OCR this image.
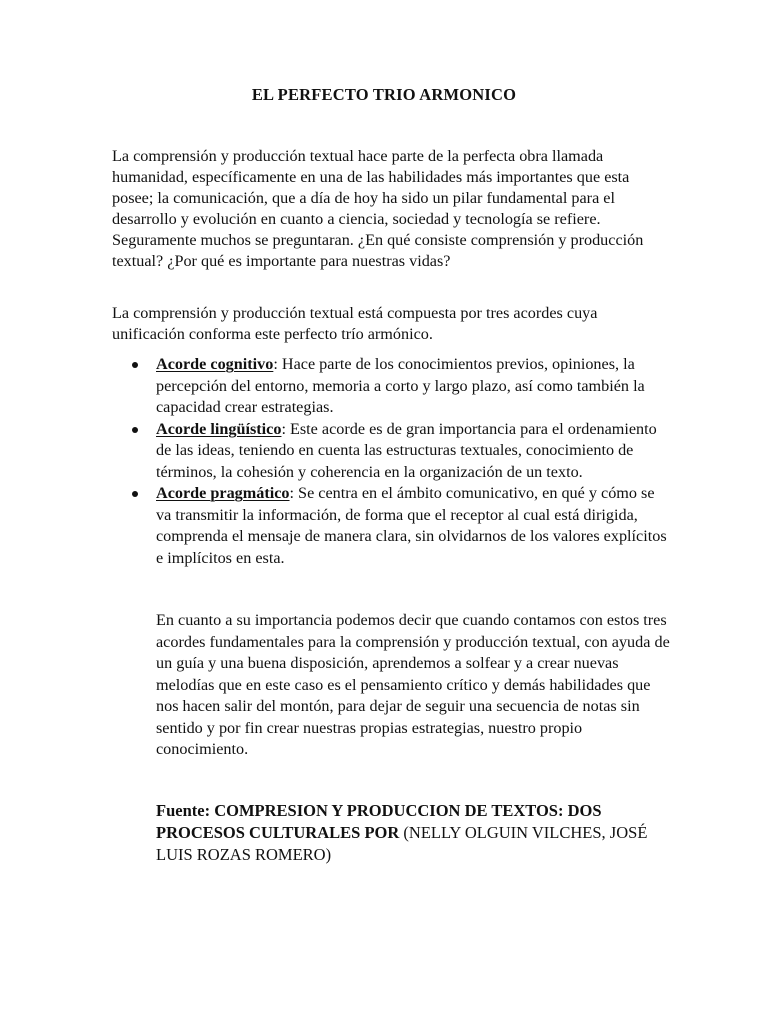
EL PERFECTO TRIO ARMONICO

La comprensión y producción textual hace parte de la perfecta obra llamada humanidad, específicamente en una de las habilidades más importantes que esta posee; la comunicación, que a día de hoy ha sido un pilar fundamental para el desarrollo y evolución en cuanto a ciencia, sociedad y tecnología se refiere. Seguramente muchos se preguntaran. ¿En qué consiste comprensión y producción textual? ¿Por qué es importante para nuestras vidas?

La comprensión y producción textual está compuesta por tres acordes cuya unificación conforma este perfecto trío armónico.

Acorde cognitivo: Hace parte de los conocimientos previos, opiniones, la percepción del entorno, memoria a corto y largo plazo, así como también la capacidad crear estrategias.
Acorde lingüístico: Este acorde es de gran importancia para el ordenamiento de las ideas, teniendo en cuenta las estructuras textuales, conocimiento de términos, la cohesión y coherencia en la organización de un texto.
Acorde pragmático: Se centra en el ámbito comunicativo, en qué y cómo se va transmitir la información, de forma que el receptor al cual está dirigida, comprenda el mensaje de manera clara, sin olvidarnos de los valores explícitos e implícitos en esta.

En cuanto a su importancia podemos decir que cuando contamos con estos tres acordes fundamentales para la comprensión y producción textual, con ayuda de un guía y una buena disposición, aprendemos a solfear y a crear nuevas melodías que en este caso es el pensamiento crítico y demás habilidades que nos hacen salir del montón, para dejar de seguir una secuencia de notas sin sentido y por fin crear nuestras propias estrategias, nuestro propio conocimiento.

Fuente: COMPRESION Y PRODUCCION DE TEXTOS: DOS PROCESOS CULTURALES POR (NELLY OLGUIN VILCHES, JOSÉ LUIS ROZAS ROMERO)
